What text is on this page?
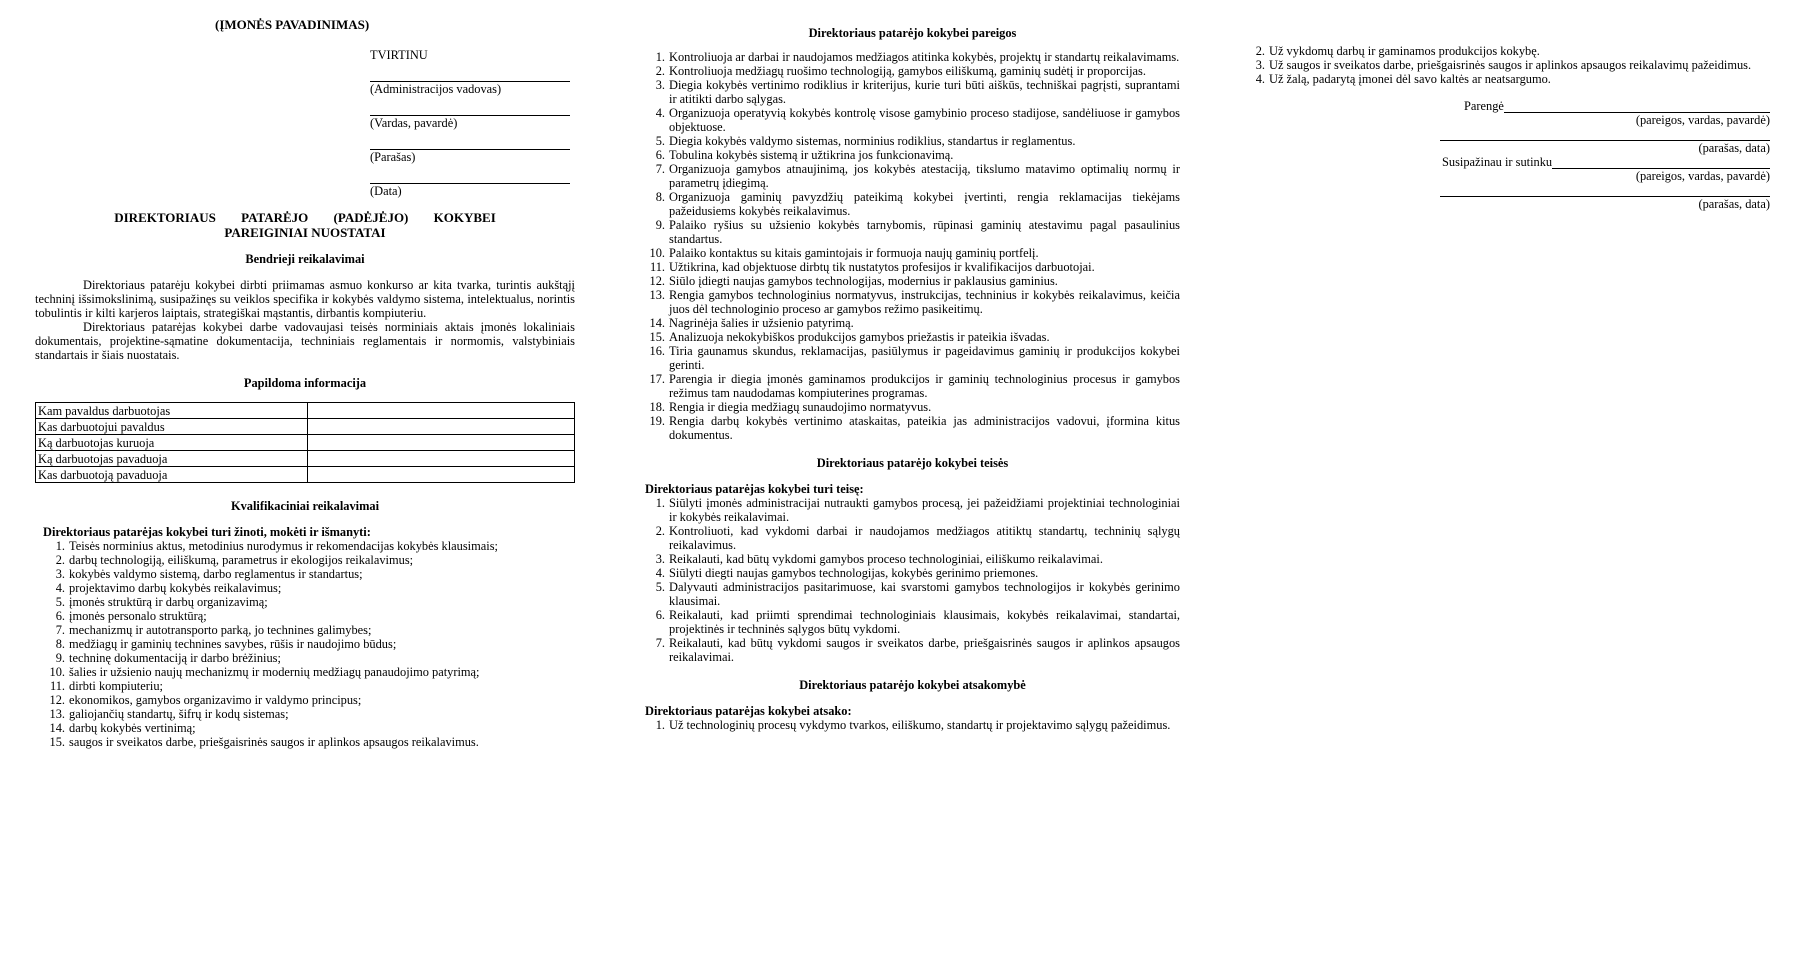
(ĮMONĖS PAVADINIMAS)
TVIRTINU
(Administracijos vadovas)
(Vardas, pavardė)
(Parašas)
(Data)
DIREKTORIAUS PATARĖJO (PADĖJĖJO) KOKYBEI
PAREIGINIAI NUOSTATAI
Bendrieji reikalavimai

Direktoriaus patarėju kokybei dirbti priimamas asmuo konkurso ar kita tvarka, turintis aukštąjį techninį išsimokslinimą, susipažinęs su veiklos specifika ir kokybės valdymo sistema, intelektualus, norintis tobulintis ir kilti karjeros laiptais, strategiškai mąstantis, dirbantis kompiuteriu.

Direktoriaus patarėjas kokybei darbe vadovaujasi teisės norminiais aktais įmonės lokaliniais dokumentais, projektine-sąmatine dokumentacija, techniniais reglamentais ir normomis, valstybiniais standartais ir šiais nuostatais.

Papildoma informacija
Kam pavaldus darbuotojas	
Kas darbuotojui pavaldus	
Ką darbuotojas kuruoja	
Ką darbuotojas pavaduoja	
Kas darbuotoją pavaduoja	
Kvalifikaciniai reikalavimai
Direktoriaus patarėjas kokybei turi žinoti, mokėti ir išmanyti:
1. Teisės norminius aktus, metodinius nurodymus ir rekomendacijas kokybės klausimais;
2. darbų technologiją, eiliškumą, parametrus ir ekologijos reikalavimus;
3. kokybės valdymo sistemą, darbo reglamentus ir standartus;
4. projektavimo darbų kokybės reikalavimus;
5. įmonės struktūrą ir darbų organizavimą;
6. įmonės personalo struktūrą;
7. mechanizmų ir autotransporto parką, jo technines galimybes;
8. medžiagų ir gaminių technines savybes, rūšis ir naudojimo būdus;
9. techninę dokumentaciją ir darbo brėžinius;
10. šalies ir užsienio naujų mechanizmų ir modernių medžiagų panaudojimo patyrimą;
11. dirbti kompiuteriu;
12. ekonomikos, gamybos organizavimo ir valdymo principus;
13. galiojančių standartų, šifrų ir kodų sistemas;
14. darbų kokybės vertinimą;
15. saugos ir sveikatos darbe, priešgaisrinės saugos ir aplinkos apsaugos reikalavimus.
Direktoriaus patarėjo kokybei pareigos
1. Kontroliuoja ar darbai ir naudojamos medžiagos atitinka kokybės, projektų ir standartų reikalavimams.
2. Kontroliuoja medžiagų ruošimo technologiją, gamybos eiliškumą, gaminių sudėtį ir proporcijas.
3. Diegia kokybės vertinimo rodiklius ir kriterijus, kurie turi būti aiškūs, techniškai pagrįsti, suprantami ir atitikti darbo sąlygas.
4. Organizuoja operatyvią kokybės kontrolę visose gamybinio proceso stadijose, sandėliuose ir gamybos objektuose.
5. Diegia kokybės valdymo sistemas, norminius rodiklius, standartus ir reglamentus.
6. Tobulina kokybės sistemą ir užtikrina jos funkcionavimą.
7. Organizuoja gamybos atnaujinimą, jos kokybės atestaciją, tikslumo matavimo optimalių normų ir parametrų įdiegimą.
8. Organizuoja gaminių pavyzdžių pateikimą kokybei įvertinti, rengia reklamacijas tiekėjams pažeidusiems kokybės reikalavimus.
9. Palaiko ryšius su užsienio kokybės tarnybomis, rūpinasi gaminių atestavimu pagal pasaulinius standartus.
10. Palaiko kontaktus su kitais gamintojais ir formuoja naujų gaminių portfelį.
11. Užtikrina, kad objektuose dirbtų tik nustatytos profesijos ir kvalifikacijos darbuotojai.
12. Siūlo įdiegti naujas gamybos technologijas, modernius ir paklausius gaminius.
13. Rengia gamybos technologinius normatyvus, instrukcijas, techninius ir kokybės reikalavimus, keičia juos dėl technologinio proceso ar gamybos režimo pasikeitimų.
14. Nagrinėja šalies ir užsienio patyrimą.
15. Analizuoja nekokybiškos produkcijos gamybos priežastis ir pateikia išvadas.
16. Tiria gaunamus skundus, reklamacijas, pasiūlymus ir pageidavimus gaminių ir produkcijos kokybei gerinti.
17. Parengia ir diegia įmonės gaminamos produkcijos ir gaminių technologinius procesus ir gamybos režimus tam naudodamas kompiuterines programas.
18. Rengia ir diegia medžiagų sunaudojimo normatyvus.
19. Rengia darbų kokybės vertinimo ataskaitas, pateikia jas administracijos vadovui, įformina kitus dokumentus.
Direktoriaus patarėjo kokybei teisės
Direktoriaus patarėjas kokybei turi teisę:
1. Siūlyti įmonės administracijai nutraukti gamybos procesą, jei pažeidžiami projektiniai technologiniai ir kokybės reikalavimai.
2. Kontroliuoti, kad vykdomi darbai ir naudojamos medžiagos atitiktų standartų, techninių sąlygų reikalavimus.
3. Reikalauti, kad būtų vykdomi gamybos proceso technologiniai, eiliškumo reikalavimai.
4. Siūlyti diegti naujas gamybos technologijas, kokybės gerinimo priemones.
5. Dalyvauti administracijos pasitarimuose, kai svarstomi gamybos technologijos ir kokybės gerinimo klausimai.
6. Reikalauti, kad priimti sprendimai technologiniais klausimais, kokybės reikalavimai, standartai, projektinės ir techninės sąlygos būtų vykdomi.
7. Reikalauti, kad būtų vykdomi saugos ir sveikatos darbe, priešgaisrinės saugos ir aplinkos apsaugos reikalavimai.
Direktoriaus patarėjo kokybei atsakomybė
Direktoriaus patarėjas kokybei atsako:
1. Už technologinių procesų vykdymo tvarkos, eiliškumo, standartų ir projektavimo sąlygų pažeidimus.
2. Už vykdomų darbų ir gaminamos produkcijos kokybę.
3. Už saugos ir sveikatos darbe, priešgaisrinės saugos ir aplinkos apsaugos reikalavimų pažeidimus.
4. Už žalą, padarytą įmonei dėl savo kaltės ar neatsargumo.
Parengė
(pareigos, vardas, pavardė)
(parašas, data)
Susipažinau ir sutinku
(pareigos, vardas, pavardė)
(parašas, data)
